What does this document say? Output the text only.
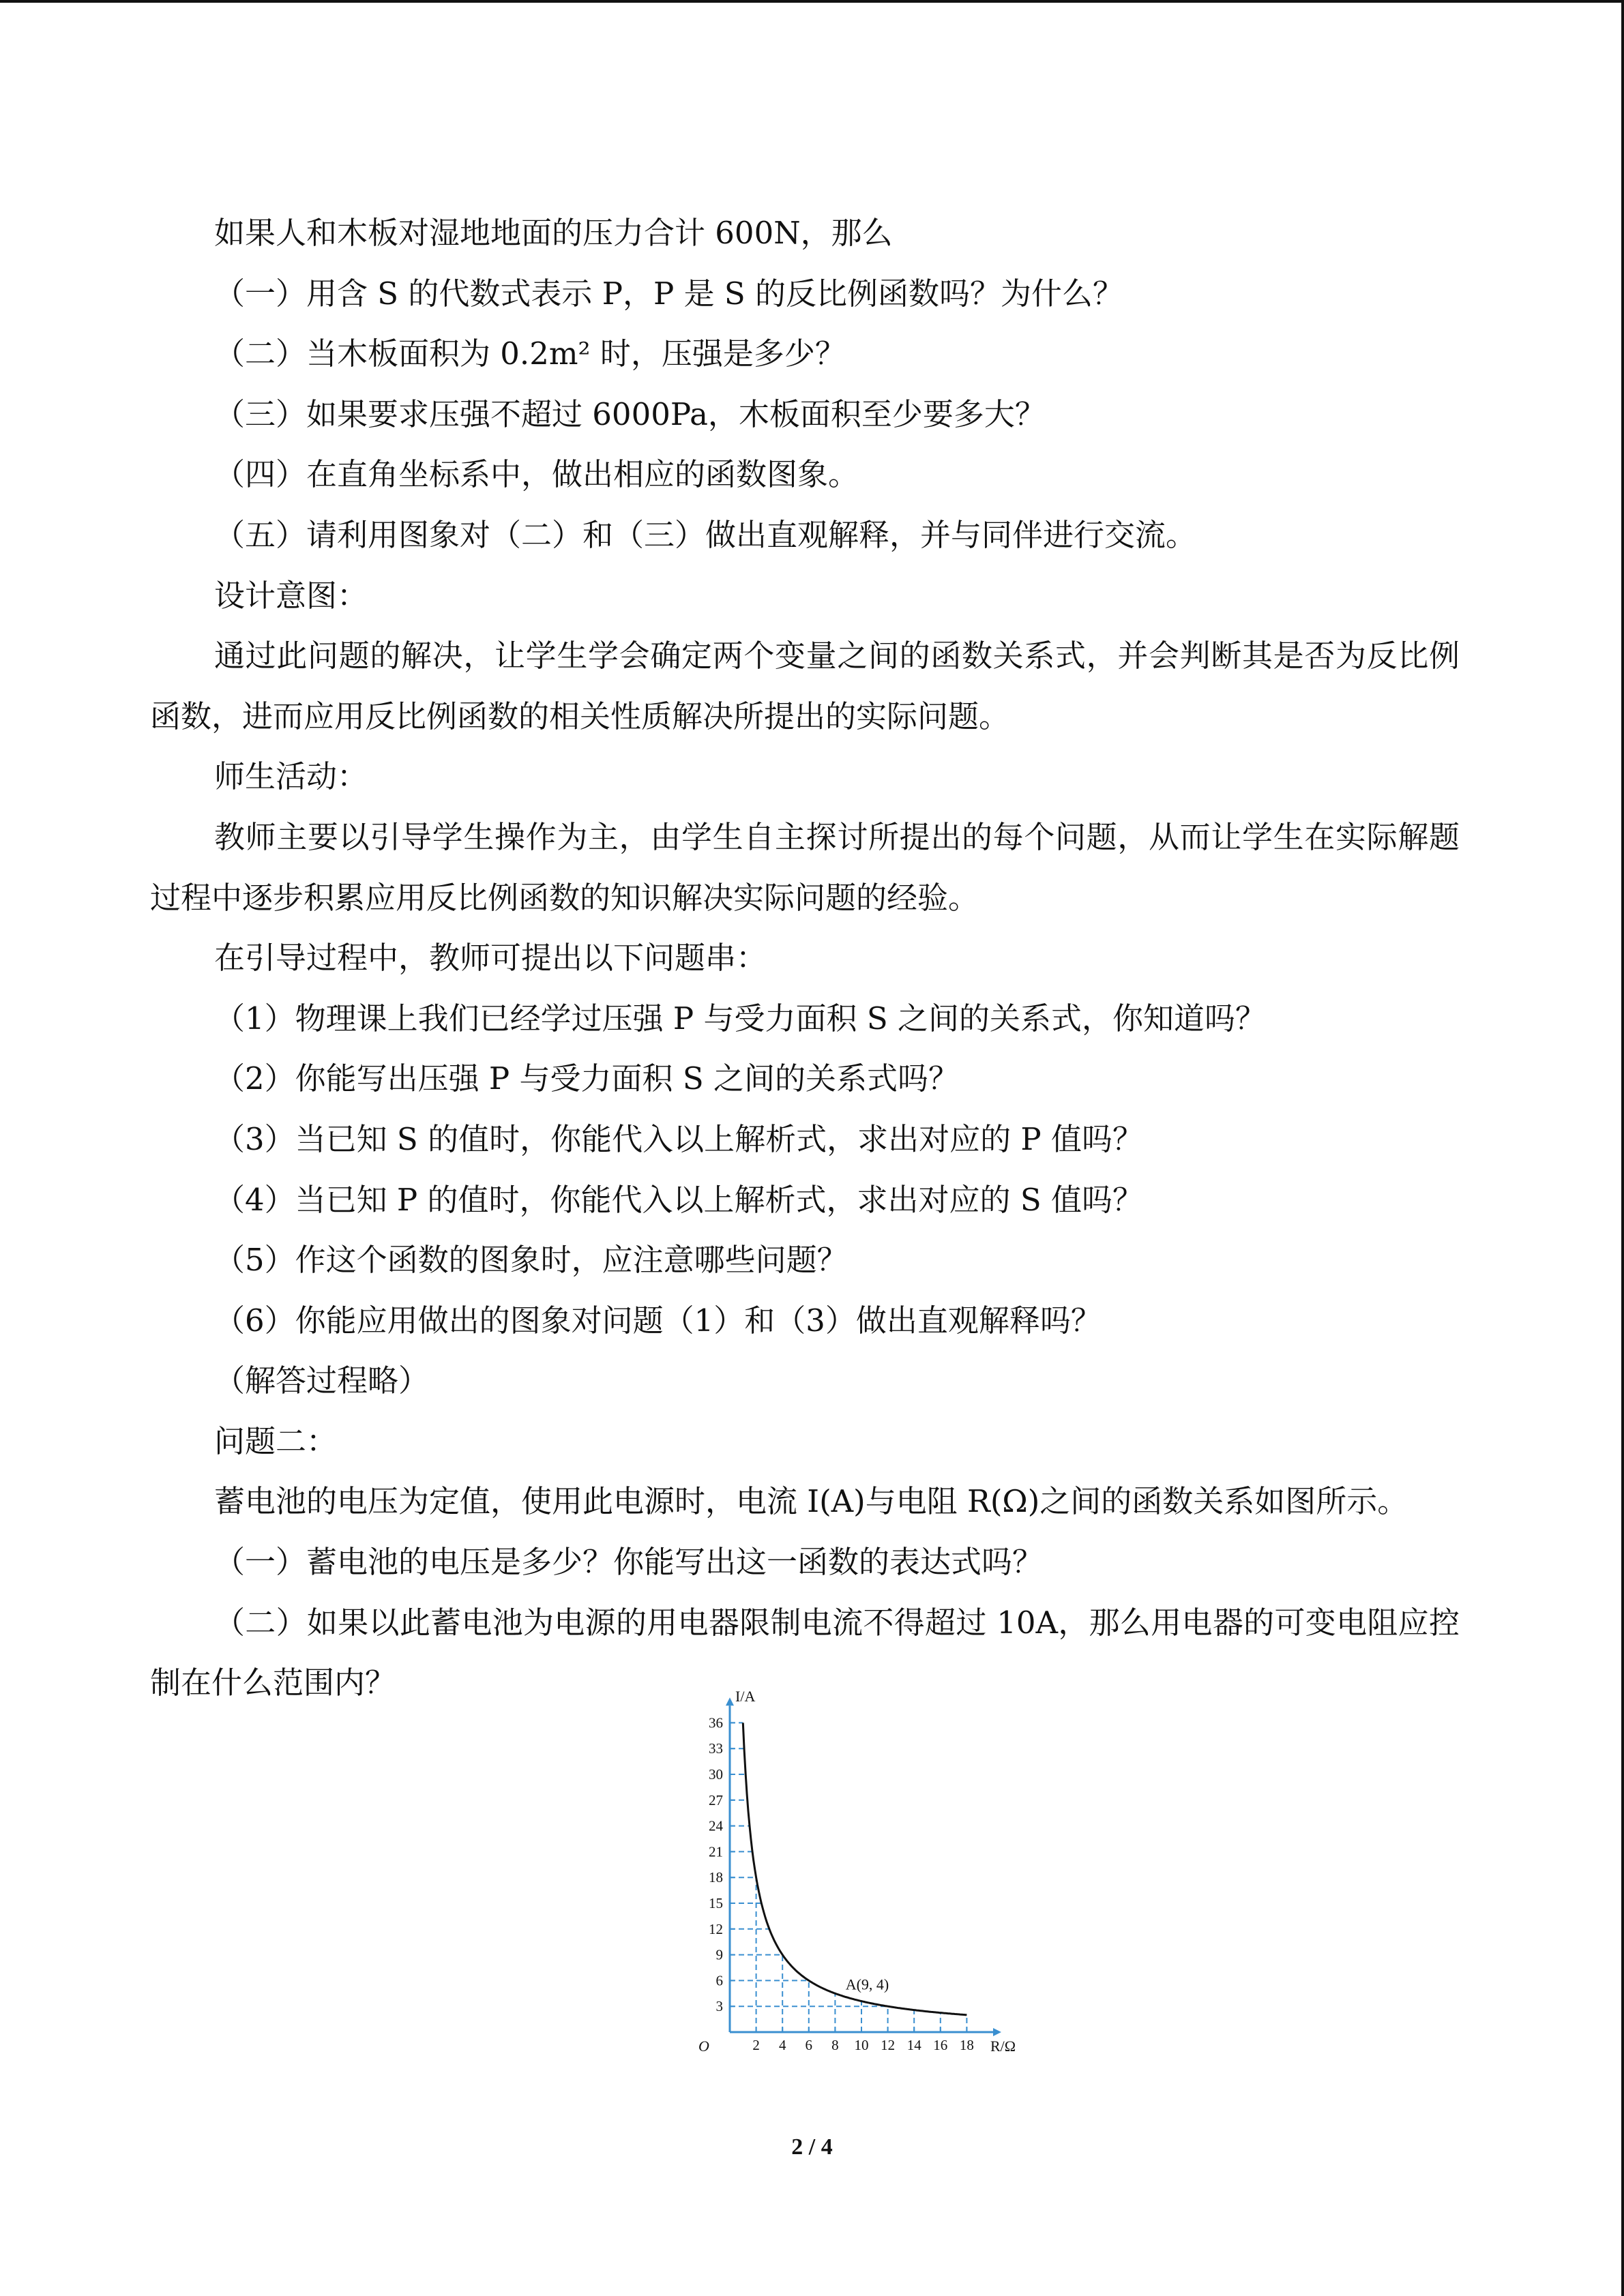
如果人和木板对湿地地面的压力合计 600N，那么
（一）用含 S 的代数式表示 P，P 是 S 的反比例函数吗？为什么？
（二）当木板面积为 0.2m² 时，压强是多少？
（三）如果要求压强不超过 6000Pa，木板面积至少要多大？
（四）在直角坐标系中，做出相应的函数图象。
（五）请利用图象对（二）和（三）做出直观解释，并与同伴进行交流。
设计意图：
通过此问题的解决，让学生学会确定两个变量之间的函数关系式，并会判断其是否为反比例函数，进而应用反比例函数的相关性质解决所提出的实际问题。
师生活动：
教师主要以引导学生操作为主，由学生自主探讨所提出的每个问题，从而让学生在实际解题过程中逐步积累应用反比例函数的知识解决实际问题的经验。
在引导过程中，教师可提出以下问题串：
（1）物理课上我们已经学过压强 P 与受力面积 S 之间的关系式，你知道吗？
（2）你能写出压强 P 与受力面积 S 之间的关系式吗？
（3）当已知 S 的值时，你能代入以上解析式，求出对应的 P 值吗？
（4）当已知 P 的值时，你能代入以上解析式，求出对应的 S 值吗？
（5）作这个函数的图象时，应注意哪些问题？
（6）你能应用做出的图象对问题（1）和（3）做出直观解释吗？
（解答过程略）
问题二：
蓄电池的电压为定值，使用此电源时，电流 I(A)与电阻 R(Ω)之间的函数关系如图所示。
（一）蓄电池的电压是多少？你能写出这一函数的表达式吗？
（二）如果以此蓄电池为电源的用电器限制电流不得超过 10A，那么用电器的可变电阻应控制在什么范围内？
2 4 6 8 10 12 14 16 18
3
6
9
12
15
18
21
24
27
30
33
36
O	R/Ω
I/A
A(9, 4)
2 / 4
